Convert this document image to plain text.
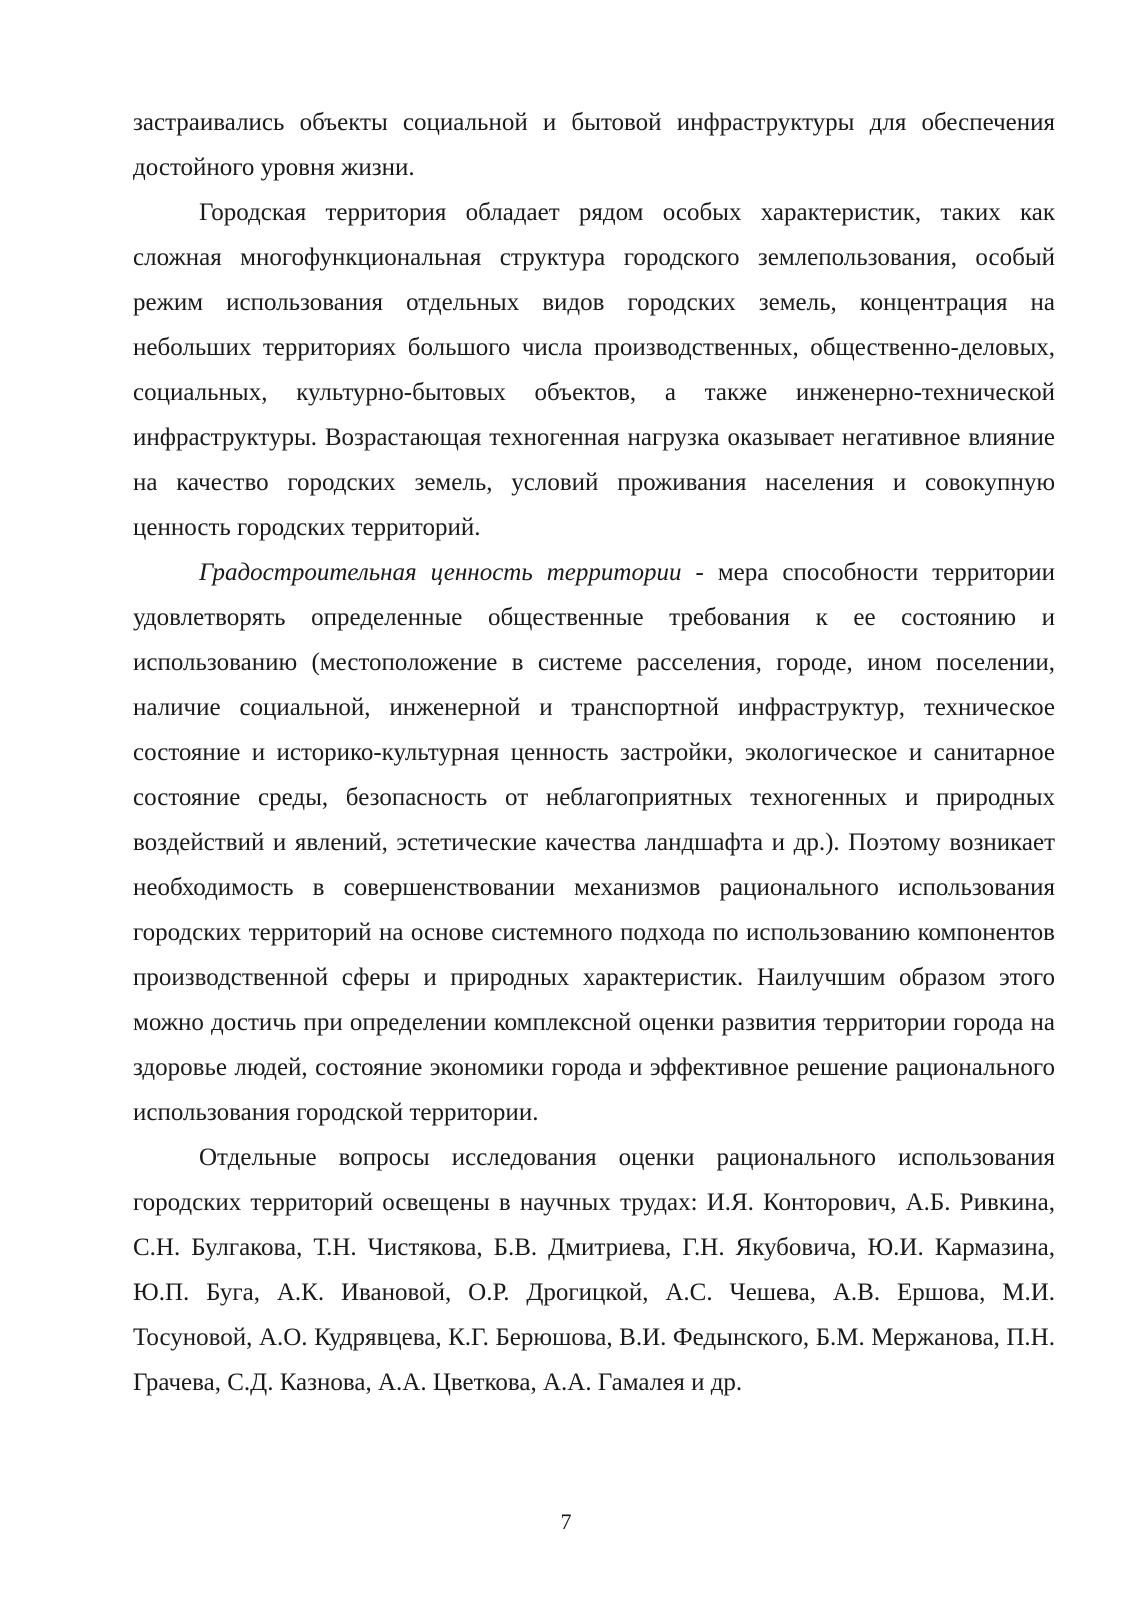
застраивались объекты социальной и бытовой инфраструктуры для обеспечения достойного уровня жизни.

Городская территория обладает рядом особых характеристик, таких как сложная многофункциональная структура городского землепользования, особый режим использования отдельных видов городских земель, концентрация на небольших территориях большого числа производственных, общественно-деловых, социальных, культурно-бытовых объектов, а также инженерно-технической инфраструктуры. Возрастающая техногенная нагрузка оказывает негативное влияние на качество городских земель, условий проживания населения и совокупную ценность городских территорий.

Градостроительная ценность территории - мера способности территории удовлетворять определенные общественные требования к ее состоянию и использованию (местоположение в системе расселения, городе, ином поселении, наличие социальной, инженерной и транспортной инфраструктур, техническое состояние и историко-культурная ценность застройки, экологическое и санитарное состояние среды, безопасность от неблагоприятных техногенных и природных воздействий и явлений, эстетические качества ландшафта и др.). Поэтому возникает необходимость в совершенствовании механизмов рационального использования городских территорий на основе системного подхода по использованию компонентов производственной сферы и природных характеристик. Наилучшим образом этого можно достичь при определении комплексной оценки развития территории города на здоровье людей, состояние экономики города и эффективное решение рационального использования городской территории.

Отдельные вопросы исследования оценки рационального использования городских территорий освещены в научных трудах: И.Я. Конторович, А.Б. Ривкина, С.Н. Булгакова, Т.Н. Чистякова, Б.В. Дмитриева, Г.Н. Якубовича, Ю.И. Кармазина, Ю.П. Буга, А.К. Ивановой, О.Р. Дрогицкой, А.С. Чешева, А.В. Ершова, М.И. Тосуновой, А.О. Кудрявцева, К.Г. Берюшова, В.И. Федынского, Б.М. Мержанова, П.Н. Грачева, С.Д. Казнова, А.А. Цветкова, А.А. Гамалея и др.

7
